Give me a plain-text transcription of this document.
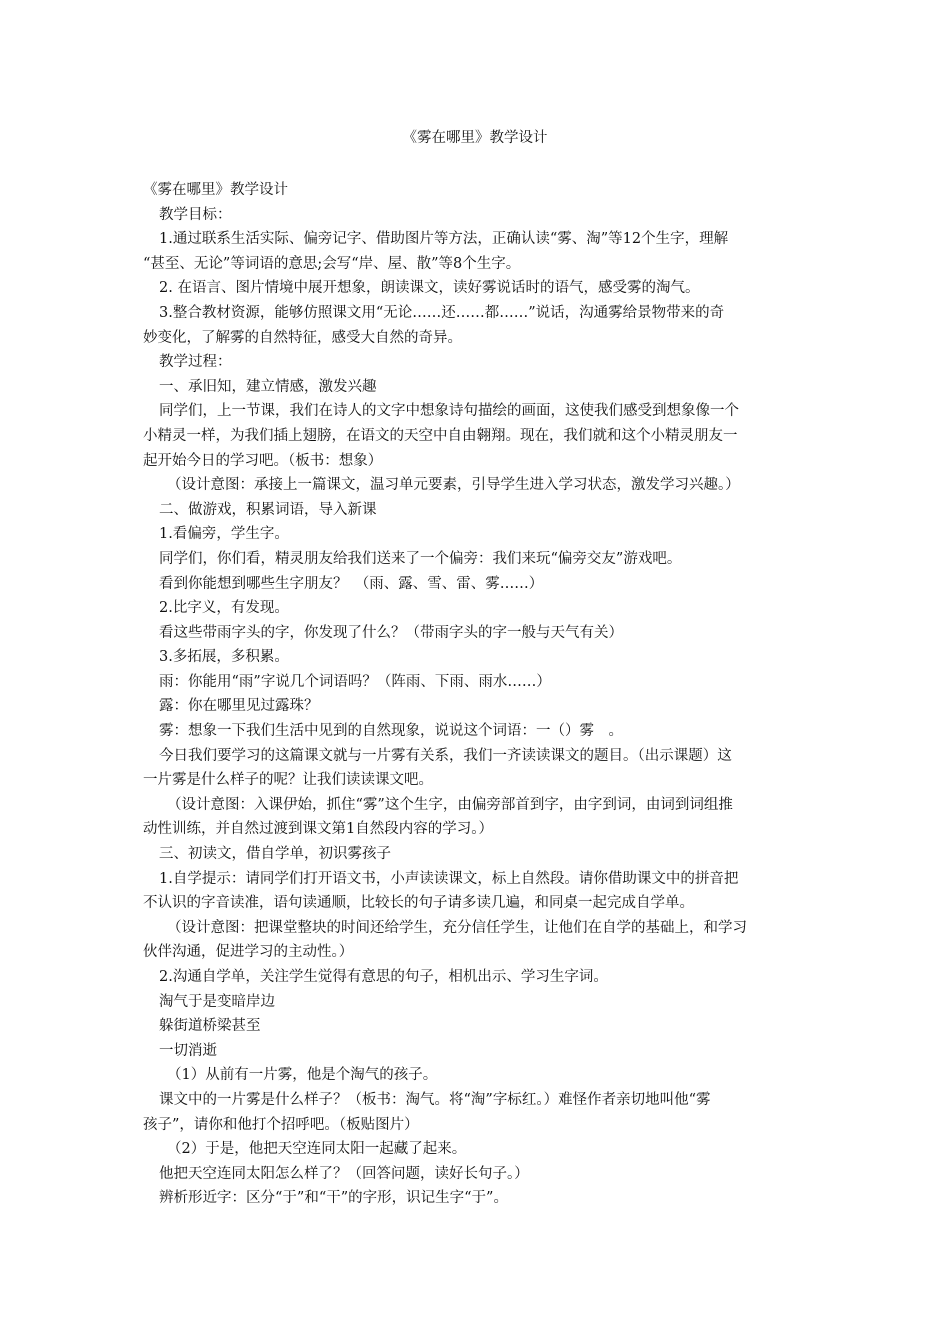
《雾在哪里》教学设计

《雾在哪里》教学设计

教学目标：

1.通过联系生活实际、偏旁记字、借助图片等方法，正确认读“雾、淘”等12个生字，理解

“甚至、无论”等词语的意思;会写“岸、屋、散”等8个生字。

2. 在语言、图片情境中展开想象，朗读课文，读好雾说话时的语气，感受雾的淘气。

3.整合教材资源，能够仿照课文用“无论……还……都……”说话，沟通雾给景物带来的奇

妙变化，了解雾的自然特征，感受大自然的奇异。

教学过程：

一、承旧知，建立情感，激发兴趣

同学们，上一节课，我们在诗人的文字中想象诗句描绘的画面，这使我们感受到想象像一个

小精灵一样，为我们插上翅膀，在语文的天空中自由翱翔。现在，我们就和这个小精灵朋友一

起开始今日的学习吧。（板书：想象）

（设计意图：承接上一篇课文，温习单元要素，引导学生进入学习状态，激发学习兴趣。）

二、做游戏，积累词语，导入新课

1.看偏旁，学生字。

同学们，你们看，精灵朋友给我们送来了一个偏旁：我们来玩“偏旁交友”游戏吧。

看到你能想到哪些生字朋友？　（雨、露、雪、雷、雾……）

2.比字义，有发现。

看这些带雨字头的字，你发现了什么？（带雨字头的字一般与天气有关）

3.多拓展，多积累。

雨：你能用“雨”字说几个词语吗？（阵雨、下雨、雨水……）

露：你在哪里见过露珠？

雾：想象一下我们生活中见到的自然现象，说说这个词语：一（）雾　。

今日我们要学习的这篇课文就与一片雾有关系，我们一齐读读课文的题目。（出示课题）这

一片雾是什么样子的呢？让我们读读课文吧。

（设计意图：入课伊始，抓住“雾”这个生字，由偏旁部首到字，由字到词，由词到词组推

动性训练，并自然过渡到课文第1自然段内容的学习。）

三、初读文，借自学单，初识雾孩子

1.自学提示：请同学们打开语文书，小声读读课文，标上自然段。请你借助课文中的拼音把

不认识的字音读准，语句读通顺，比较长的句子请多读几遍，和同桌一起完成自学单。

（设计意图：把课堂整块的时间还给学生，充分信任学生，让他们在自学的基础上，和学习

伙伴沟通，促进学习的主动性。）

2.沟通自学单，关注学生觉得有意思的句子，相机出示、学习生字词。

淘气于是变暗岸边

躲街道桥梁甚至

一切消逝

（1）从前有一片雾，他是个淘气的孩子。

课文中的一片雾是什么样子？（板书：淘气。将“淘”字标红。）难怪作者亲切地叫他“雾

孩子”，请你和他打个招呼吧。（板贴图片）

（2）于是，他把天空连同太阳一起藏了起来。

他把天空连同太阳怎么样了？（回答问题，读好长句子。）

辨析形近字：区分“于”和“干”的字形，识记生字“于”。
